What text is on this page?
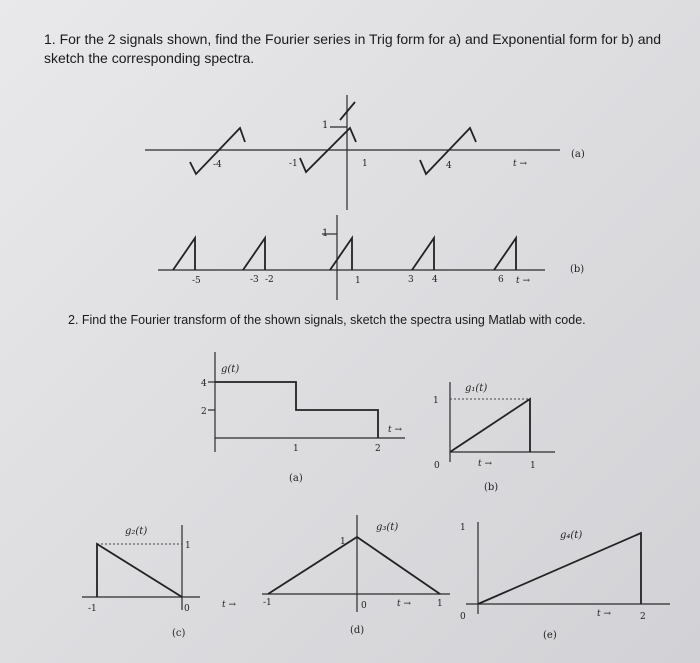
1. For the 2 signals shown, find the Fourier series in Trig form for a) and Exponential form for b) and sketch the corresponding spectra.
2. Find the Fourier transform of the shown signals, sketch the spectra using Matlab with code.
1
-4	-1	1	4	t →
(a)
1
-5	-3 -2	1	3 4	6 t →
(b)
g(t)
4
2
1	2
t →
(a)
g₁(t)
1
0	1
t →
(b)
g₂(t)
1
-1	0	t →
(c)
g₃(t)
1
-1	0	1
t →
(d)
g₄(t)
1
0	2
t →
(e)
